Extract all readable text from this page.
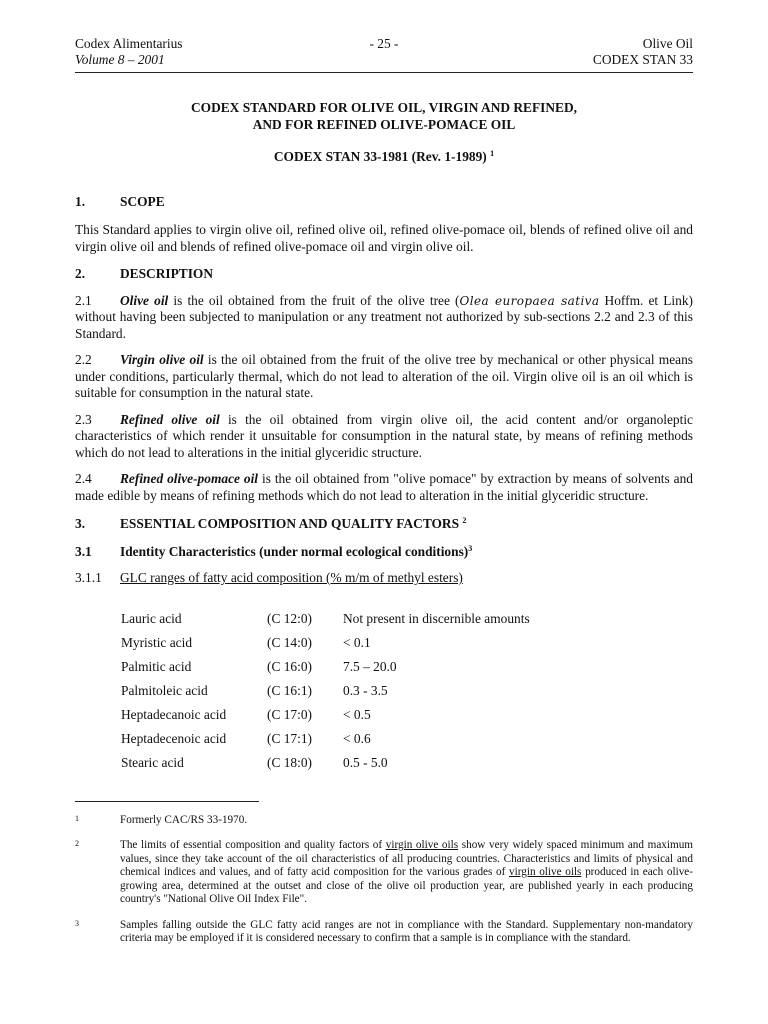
Codex Alimentarius
Volume 8 – 2001
- 25 -	Olive Oil
CODEX STAN 33
CODEX STANDARD FOR OLIVE OIL, VIRGIN AND REFINED,
AND FOR REFINED OLIVE-POMACE OIL
CODEX STAN 33-1981 (Rev. 1-1989) $^1$
1.	SCOPE

This Standard applies to virgin olive oil, refined olive oil, refined olive-pomace oil, blends of refined olive oil and virgin olive oil and blends of refined olive-pomace oil and virgin olive oil.

2.	DESCRIPTION

2.1 Olive oil is the oil obtained from the fruit of the olive tree (Olea europaea sativa Hoffm. et Link) without having been subjected to manipulation or any treatment not authorized by sub-sections 2.2 and 2.3 of this Standard.

2.2 Virgin olive oil is the oil obtained from the fruit of the olive tree by mechanical or other physical means under conditions, particularly thermal, which do not lead to alteration of the oil. Virgin olive oil is an oil which is suitable for consumption in the natural state.

2.3 Refined olive oil is the oil obtained from virgin olive oil, the acid content and/or organoleptic characteristics of which render it unsuitable for consumption in the natural state, by means of refining methods which do not lead to alterations in the initial glyceridic structure.

2.4 Refined olive-pomace oil is the oil obtained from "olive pomace" by extraction by means of solvents and made edible by means of refining methods which do not lead to alteration in the initial glyceridic structure.

3.	ESSENTIAL COMPOSITION AND QUALITY FACTORS $^2$
3.1 Identity Characteristics (under normal ecological conditions)$^3$
3.1.1 GLC ranges of fatty acid composition (% m/m of methyl esters)
Lauric acid	(C 12:0)	Not present in discernible amounts
Myristic acid	(C 14:0)	< 0.1
Palmitic acid	(C 16:0)	7.5 – 20.0
Palmitoleic acid	(C 16:1)	0.3 - 3.5
Heptadecanoic acid	(C 17:0)	< 0.5
Heptadecenoic acid	(C 17:1)	< 0.6
Stearic acid	(C 18:0)	0.5 - 5.0
1	Formerly CAC/RS 33-1970.
2	The limits of essential composition and quality factors of virgin olive oils show very widely spaced minimum and maximum values, since they take account of the oil characteristics of all producing countries. Characteristics and limits of physical and chemical indices and values, and of fatty acid composition for the various grades of virgin olive oils produced in each olive-growing area, determined at the outset and close of the olive oil production year, are published yearly in each producing country's "National Olive Oil Index File".
3	Samples falling outside the GLC fatty acid ranges are not in compliance with the Standard. Supplementary non-mandatory criteria may be employed if it is considered necessary to confirm that a sample is in compliance with the standard.
